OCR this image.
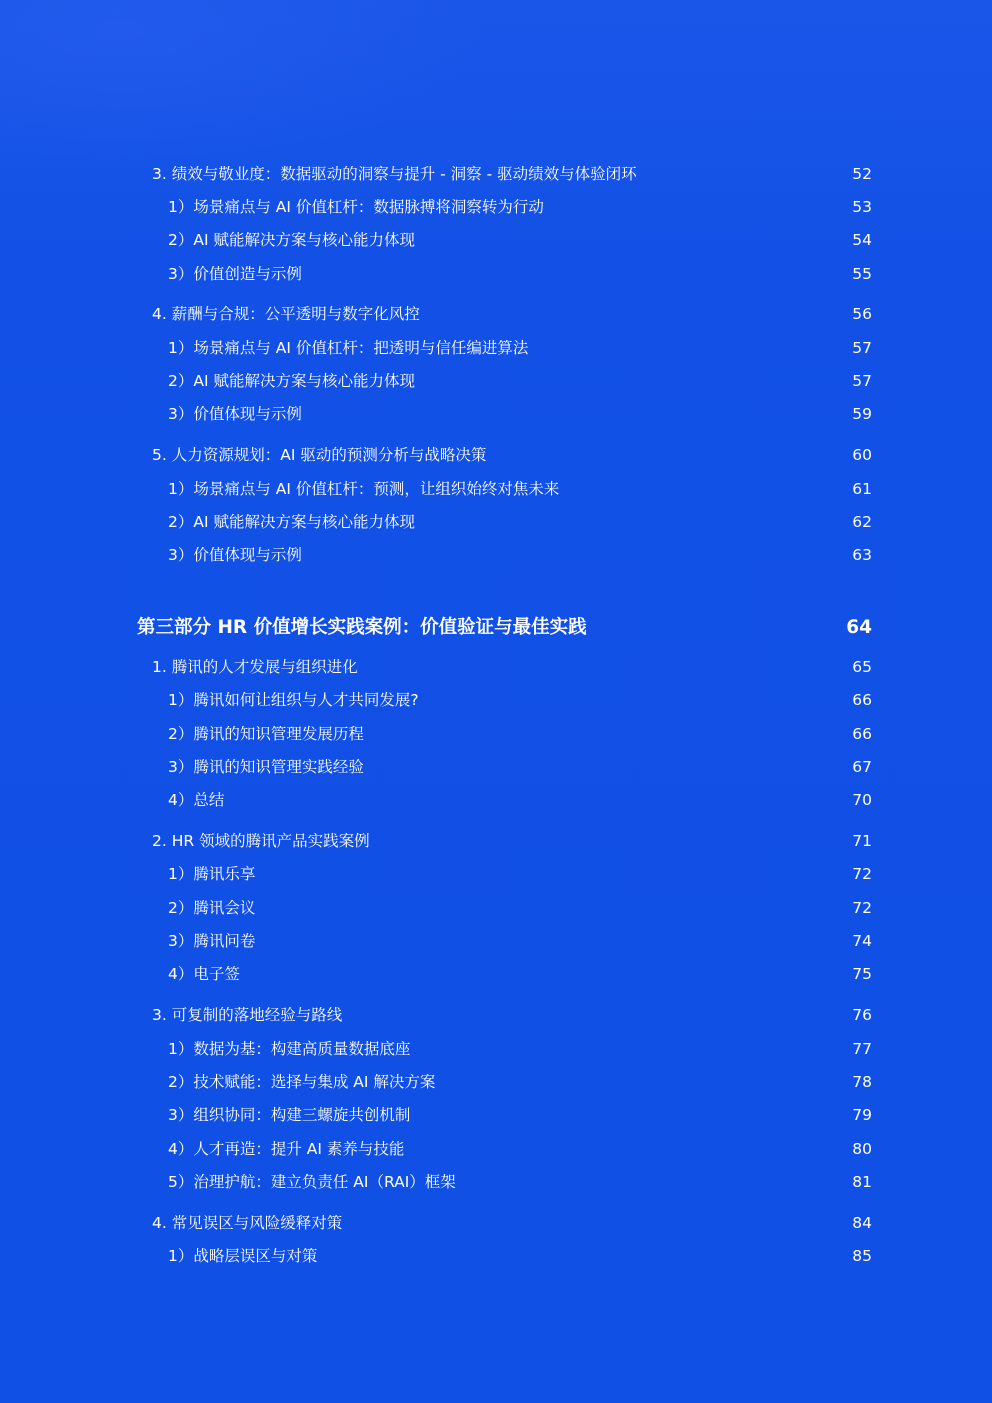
3. 绩效与敬业度：数据驱动的洞察与提升 - 洞察 - 驱动绩效与体验闭环	52
1）场景痛点与 AI 价值杠杆：数据脉搏将洞察转为行动	53
2）AI 赋能解决方案与核心能力体现	54
3）价值创造与示例	55
4. 薪酬与合规：公平透明与数字化风控	56
1）场景痛点与 AI 价值杠杆：把透明与信任编进算法	57
2）AI 赋能解决方案与核心能力体现	57
3）价值体现与示例	59
5. 人力资源规划：AI 驱动的预测分析与战略决策	60
1）场景痛点与 AI 价值杠杆：预测，让组织始终对焦未来	61
2）AI 赋能解决方案与核心能力体现	62
3）价值体现与示例	63
第三部分 HR 价值增长实践案例：价值验证与最佳实践	64
1. 腾讯的人才发展与组织进化	65
1）腾讯如何让组织与人才共同发展?	66
2）腾讯的知识管理发展历程	66
3）腾讯的知识管理实践经验	67
4）总结	70
2. HR 领域的腾讯产品实践案例	71
1）腾讯乐享	72
2）腾讯会议	72
3）腾讯问卷	74
4）电子签	75
3. 可复制的落地经验与路线	76
1）数据为基：构建高质量数据底座	77
2）技术赋能：选择与集成 AI 解决方案	78
3）组织协同：构建三螺旋共创机制	79
4）人才再造：提升 AI 素养与技能	80
5）治理护航：建立负责任 AI（RAI）框架	81
4. 常见误区与风险缓释对策	84
1）战略层误区与对策	85
